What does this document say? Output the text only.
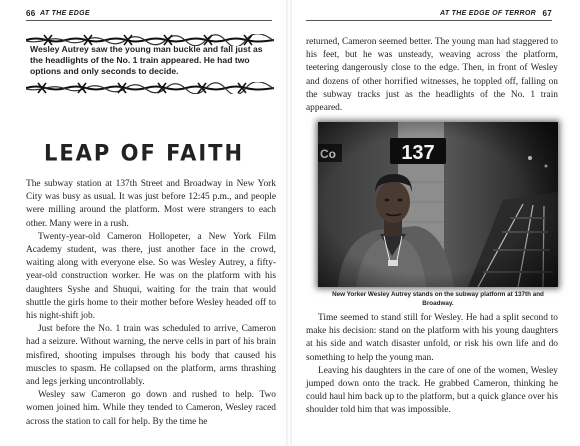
66 AT THE EDGE
Wesley Autrey saw the young man buckle and fall just as the headlights of the No. 1 train appeared. He had two options and only seconds to decide.
LEAP OF FAITH

The subway station at 137th Street and Broadway in New York City was busy as usual. It was just before 12:45 p.m., and people were milling around the platform. Most were strangers to each other. Many were in a rush.

Twenty-year-old Cameron Hollopeter, a New York Film Academy student, was there, just another face in the crowd, waiting along with everyone else. So was Wesley Autrey, a fifty-year-old construction worker. He was on the platform with his daughters Syshe and Shuqui, waiting for the train that would shuttle the girls home to their mother before Wesley headed off to his night-shift job.

Just before the No. 1 train was scheduled to arrive, Cameron had a seizure. Without warning, the nerve cells in part of his brain misfired, shooting impulses through his body that caused his muscles to spasm. He collapsed on the platform, arms thrashing and legs jerking uncontrollably.

Wesley saw Cameron go down and rushed to help. Two women joined him. While they tended to Cameron, Wesley raced across the station to call for help. By the time he

AT THE EDGE OF TERROR 67

returned, Cameron seemed better. The young man had staggered to his feet, but he was unsteady, weaving across the platform, teetering dangerously close to the edge. Then, in front of Wesley and dozens of other horrified witnesses, he toppled off, falling on the subway tracks just as the headlights of the No. 1 train appeared.

New Yorker Wesley Autrey stands on the subway platform at 137th and Broadway.

Time seemed to stand still for Wesley. He had a split second to make his decision: stand on the platform with his young daughters at his side and watch disaster unfold, or risk his own life and do something to help the young man.

Leaving his daughters in the care of one of the women, Wesley jumped down onto the track. He grabbed Cameron, thinking he could haul him back up to the platform, but a quick glance over his shoulder told him that was impossible.
